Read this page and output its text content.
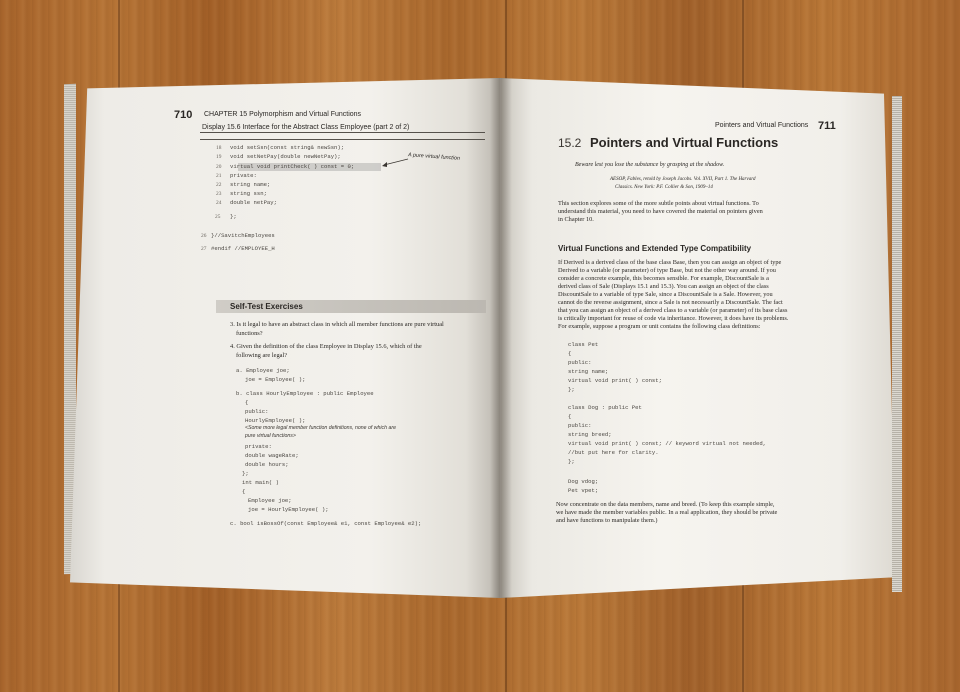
710 CHAPTER 15 Polymorphism and Virtual Functions
Display 15.6 Interface for the Abstract Class Employee (part 2 of 2)
18 void setSsn(const string& newSsn);
19 void setNetPay(double newNetPay);
20 virtual void printCheck( ) const = 0;
21 private:
22 string name;
23 string ssn;
24 double netPay;
25 };
26 }//SavitchEmployees
27 #endif //EMPLOYEE_H
A pure virtual function
Self-Test Exercises
3. Is it legal to have an abstract class in which all member functions are pure virtual
functions?
4. Given the definition of the class Employee in Display 15.6, which of the
following are legal?
a. Employee joe;
joe = Employee( );
b. class HourlyEmployee : public Employee
{
public:
HourlyEmployee( );
<Some more legal member function definitions, none of which are
pure virtual functions>
private:
double wageRate;
double hours;
};
int main( )
{
Employee joe;
joe = HourlyEmployee( );
c. bool isBossOf(const Employee& e1, const Employee& e2);
Pointers and Virtual Functions 711
15.2 Pointers and Virtual Functions
Beware lest you lose the substance by grasping at the shadow.
AESOP, Fables, retold by Joseph Jacobs. Vol. XVII, Part 1. The Harvard
Classics. New York: P.F. Collier & Son, 1909–14
This section explores some of the more subtle points about virtual functions. To
understand this material, you need to have covered the material on pointers given
in Chapter 10.
Virtual Functions and Extended Type Compatibility
If Derived is a derived class of the base class Base, then you can assign an object of type
Derived to a variable (or parameter) of type Base, but not the other way around. If you
consider a concrete example, this becomes sensible. For example, DiscountSale is a
derived class of Sale (Displays 15.1 and 15.3). You can assign an object of the class
DiscountSale to a variable of type Sale, since a DiscountSale is a Sale. However, you
cannot do the reverse assignment, since a Sale is not necessarily a DiscountSale. The fact
that you can assign an object of a derived class to a variable (or parameter) of its base class
is critically important for reuse of code via inheritance. However, it does have its problems.
For example, suppose a program or unit contains the following class definitions:
class Pet
{
public:
string name;
virtual void print( ) const;
};
class Dog : public Pet
{
public:
string breed;
virtual void print( ) const; // keyword virtual not needed,
//but put here for clarity.
};
Dog vdog;
Pet vpet;
Now concentrate on the data members, name and breed. (To keep this example simple,
we have made the member variables public. In a real application, they should be private
and have functions to manipulate them.)
